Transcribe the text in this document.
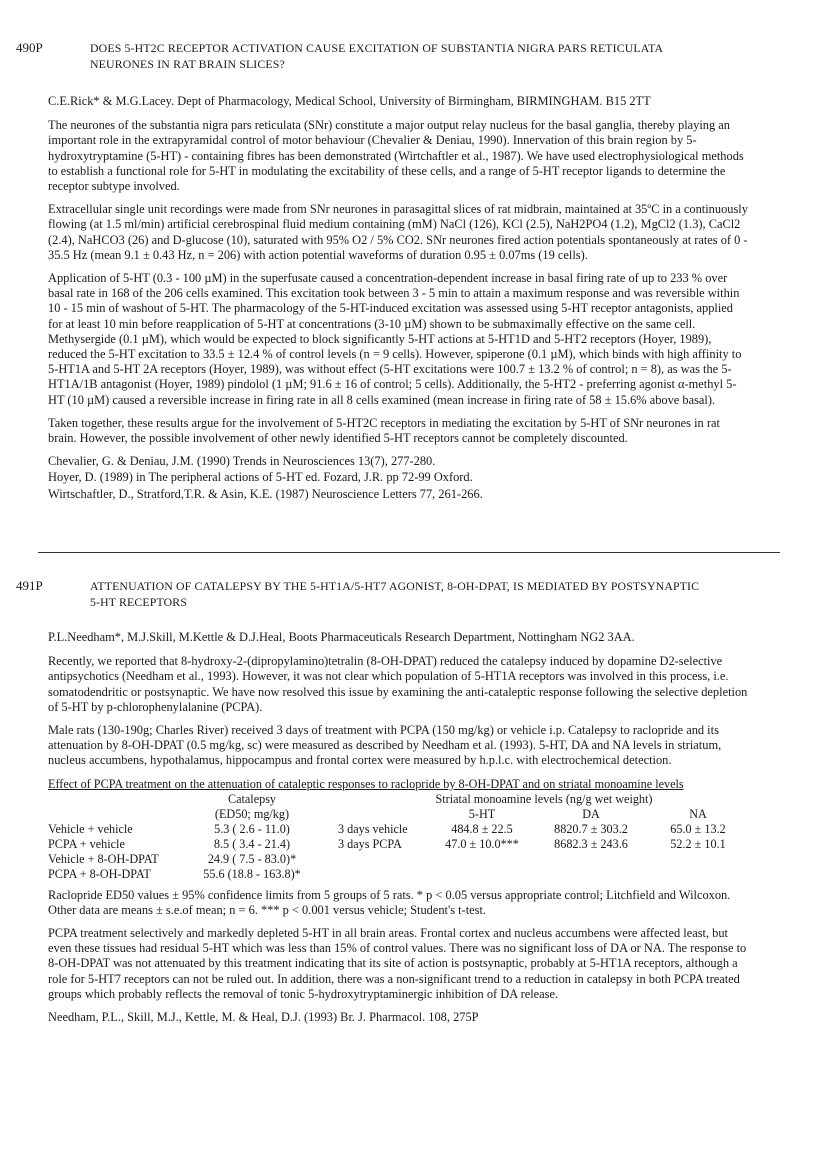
490P	DOES 5-HT2C RECEPTOR ACTIVATION CAUSE EXCITATION OF SUBSTANTIA NIGRA PARS RETICULATA
NEURONES IN RAT BRAIN SLICES?

C.E.Rick* & M.G.Lacey. Dept of Pharmacology, Medical School, University of Birmingham, BIRMINGHAM. B15 2TT

The neurones of the substantia nigra pars reticulata (SNr) constitute a major output relay nucleus for the basal ganglia, thereby playing an important role in the extrapyramidal control of motor behaviour (Chevalier & Deniau, 1990). Innervation of this brain region by 5-hydroxytryptamine (5-HT) - containing fibres has been demonstrated (Wirtchaftler et al., 1987). We have used electrophysiological methods to establish a functional role for 5-HT in modulating the excitability of these cells, and a range of 5-HT receptor ligands to determine the receptor subtype involved.

Extracellular single unit recordings were made from SNr neurones in parasagittal slices of rat midbrain, maintained at 35ºC in a continuously flowing (at 1.5 ml/min) artificial cerebrospinal fluid medium containing (mM) NaCl (126), KCl (2.5), NaH2PO4 (1.2), MgCl2 (1.3), CaCl2 (2.4), NaHCO3 (26) and D-glucose (10), saturated with 95% O2 / 5% CO2. SNr neurones fired action potentials spontaneously at rates of 0 - 35.5 Hz (mean 9.1 ± 0.43 Hz, n = 206) with action potential waveforms of duration 0.95 ± 0.07ms (19 cells).

Application of 5-HT (0.3 - 100 µM) in the superfusate caused a concentration-dependent increase in basal firing rate of up to 233 % over basal rate in 168 of the 206 cells examined. This excitation took between 3 - 5 min to attain a maximum response and was reversible within 10 - 15 min of washout of 5-HT. The pharmacology of the 5-HT-induced excitation was assessed using 5-HT receptor antagonists, applied for at least 10 min before reapplication of 5-HT at concentrations (3-10 µM) shown to be submaximally effective on the same cell. Methysergide (0.1 µM), which would be expected to block significantly 5-HT actions at 5-HT1D and 5-HT2 receptors (Hoyer, 1989), reduced the 5-HT excitation to 33.5 ± 12.4 % of control levels (n = 9 cells). However, spiperone (0.1 µM), which binds with high affinity to 5-HT1A and 5-HT 2A receptors (Hoyer, 1989), was without effect (5-HT excitations were 100.7 ± 13.2 % of control; n = 8), as was the 5-HT1A/1B antagonist (Hoyer, 1989) pindolol (1 µM; 91.6 ± 16 of control; 5 cells). Additionally, the 5-HT2 - preferring agonist α-methyl 5-HT (10 µM) caused a reversible increase in firing rate in all 8 cells examined (mean increase in firing rate of 58 ± 15.6% above basal).

Taken together, these results argue for the involvement of 5-HT2C receptors in mediating the excitation by 5-HT of SNr neurones in rat brain. However, the possible involvement of other newly identified 5-HT receptors cannot be completely discounted.

Chevalier, G. & Deniau, J.M. (1990) Trends in Neurosciences 13(7), 277-280.

Hoyer, D. (1989) in The peripheral actions of 5-HT ed. Fozard, J.R. pp 72-99 Oxford.

Wirtschaftler, D., Stratford,T.R. & Asin, K.E. (1987) Neuroscience Letters 77, 261-266.

491P	ATTENUATION OF CATALEPSY BY THE 5-HT1A/5-HT7 AGONIST, 8-OH-DPAT, IS MEDIATED BY POSTSYNAPTIC
5-HT RECEPTORS

P.L.Needham*, M.J.Skill, M.Kettle & D.J.Heal, Boots Pharmaceuticals Research Department, Nottingham NG2 3AA.

Recently, we reported that 8-hydroxy-2-(dipropylamino)tetralin (8-OH-DPAT) reduced the catalepsy induced by dopamine D2-selective antipsychotics (Needham et al., 1993). However, it was not clear which population of 5-HT1A receptors was involved in this process, i.e. somatodendritic or postsynaptic. We have now resolved this issue by examining the anti-cataleptic response following the selective depletion of 5-HT by p-chlorophenylalanine (PCPA).

Male rats (130-190g; Charles River) received 3 days of treatment with PCPA (150 mg/kg) or vehicle i.p. Catalepsy to raclopride and its attenuation by 8-OH-DPAT (0.5 mg/kg, sc) were measured as described by Needham et al. (1993). 5-HT, DA and NA levels in striatum, nucleus accumbens, hypothalamus, hippocampus and frontal cortex were measured by h.p.l.c. with electrochemical detection.

Effect of PCPA treatment on the attenuation of cataleptic responses to raclopride by 8-OH-DPAT and on striatal monoamine levels
	Catalepsy	Striatal monoamine levels (ng/g wet weight)			
	(ED50; mg/kg)		5-HT	DA	NA
Vehicle + vehicle	5.3 ( 2.6 - 11.0)	3 days vehicle	484.8 ± 22.5	8820.7 ± 303.2	65.0 ± 13.2
PCPA + vehicle	8.5 ( 3.4 - 21.4)	3 days PCPA	47.0 ± 10.0***	8682.3 ± 243.6	52.2 ± 10.1
Vehicle + 8-OH-DPAT	24.9 ( 7.5 - 83.0)*				
PCPA + 8-OH-DPAT	55.6 (18.8 - 163.8)*				

Raclopride ED50 values ± 95% confidence limits from 5 groups of 5 rats. * p < 0.05 versus appropriate control; Litchfield and Wilcoxon. Other data are means ± s.e.of mean; n = 6. *** p < 0.001 versus vehicle; Student's t-test.

PCPA treatment selectively and markedly depleted 5-HT in all brain areas. Frontal cortex and nucleus accumbens were affected least, but even these tissues had residual 5-HT which was less than 15% of control values. There was no significant loss of DA or NA. The response to 8-OH-DPAT was not attenuated by this treatment indicating that its site of action is postsynaptic, probably at 5-HT1A receptors, although a role for 5-HT7 receptors can not be ruled out. In addition, there was a non-significant trend to a reduction in catalepsy in both PCPA treated groups which probably reflects the removal of tonic 5-hydroxytryptaminergic inhibition of DA release.

Needham, P.L., Skill, M.J., Kettle, M. & Heal, D.J. (1993) Br. J. Pharmacol. 108, 275P
